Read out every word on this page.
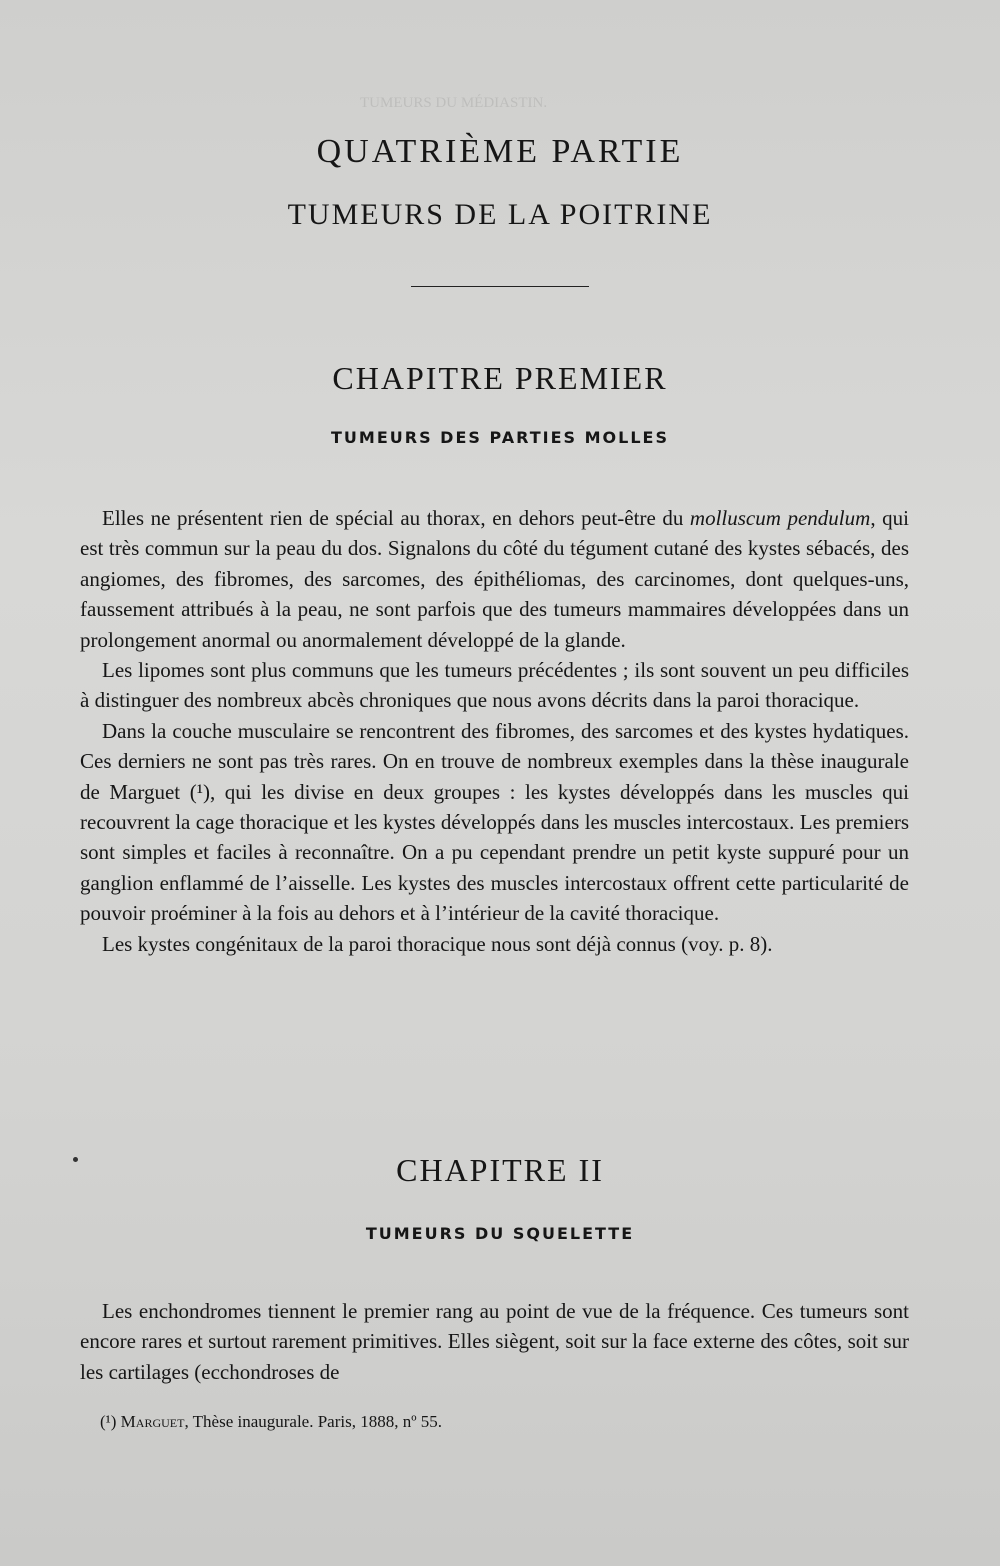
TUMEURS DU MÉDIASTIN.
QUATRIÈME PARTIE
TUMEURS DE LA POITRINE
CHAPITRE PREMIER
TUMEURS DES PARTIES MOLLES

Elles ne présentent rien de spécial au thorax, en dehors peut-être du molluscum pendulum, qui est très commun sur la peau du dos. Signalons du côté du tégument cutané des kystes sébacés, des angiomes, des fibromes, des sarcomes, des épithéliomas, des carcinomes, dont quelques-uns, faussement attribués à la peau, ne sont parfois que des tumeurs mammaires développées dans un prolongement anormal ou anormalement développé de la glande.

Les lipomes sont plus communs que les tumeurs précédentes ; ils sont souvent un peu difficiles à distinguer des nombreux abcès chroniques que nous avons décrits dans la paroi thoracique.

Dans la couche musculaire se rencontrent des fibromes, des sarcomes et des kystes hydatiques. Ces derniers ne sont pas très rares. On en trouve de nombreux exemples dans la thèse inaugurale de Marguet (¹), qui les divise en deux groupes : les kystes développés dans les muscles qui recouvrent la cage thoracique et les kystes développés dans les muscles intercostaux. Les premiers sont simples et faciles à reconnaître. On a pu cependant prendre un petit kyste suppuré pour un ganglion enflammé de l’aisselle. Les kystes des muscles intercostaux offrent cette particularité de pouvoir proéminer à la fois au dehors et à l’intérieur de la cavité thoracique.

Les kystes congénitaux de la paroi thoracique nous sont déjà connus (voy. p. 8).

CHAPITRE II
TUMEURS DU SQUELETTE

Les enchondromes tiennent le premier rang au point de vue de la fréquence. Ces tumeurs sont encore rares et surtout rarement primitives. Elles siègent, soit sur la face externe des côtes, soit sur les cartilages (ecchondroses de

(¹) Marguet, Thèse inaugurale. Paris, 1888, nº 55.
